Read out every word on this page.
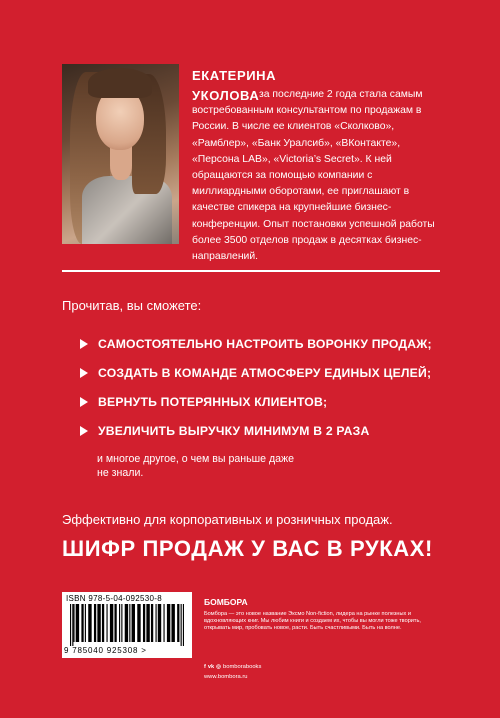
ЕКАТЕРИНА
УКОЛОВА за последние 2 года стала самым востребованным консультантом по продажам в России. В числе ее клиентов «Сколково», «Рамблер», «Банк Уралсиб», «ВКонтакте», «Персона LAB», «Victoria’s Secret». К ней обращаются за помощью компании с миллиардными оборотами, ее приглашают в качестве спикера на крупнейшие бизнес-конференции. Опыт постановки успешной работы более 3500 отделов продаж в десятках бизнес-направлений.
Прочитав, вы сможете:
САМОСТОЯТЕЛЬНО НАСТРОИТЬ ВОРОНКУ ПРОДАЖ;
СОЗДАТЬ В КОМАНДЕ АТМОСФЕРУ ЕДИНЫХ ЦЕЛЕЙ;
ВЕРНУТЬ ПОТЕРЯННЫХ КЛИЕНТОВ;
УВЕЛИЧИТЬ ВЫРУЧКУ МИНИМУМ В 2 РАЗА
и многое другое, о чем вы раньше даже не знали.
Эффективно для корпоративных и розничных продаж.
ШИФР ПРОДАЖ У ВАС В РУКАХ!
ISBN 978-5-04-092530-8
9 785040 925308 >
БОМБОРА
Бомбора — это новое название Эксмо Non-fiction, лидера на рынке полезных и вдохновляющих книг. Мы любим книги и создаем их, чтобы вы могли тоже творить, открывать мир, пробовать новое, расти. Быть счастливыми. Быть на волне.
f vk ◎ bomborabooks
www.bombora.ru
